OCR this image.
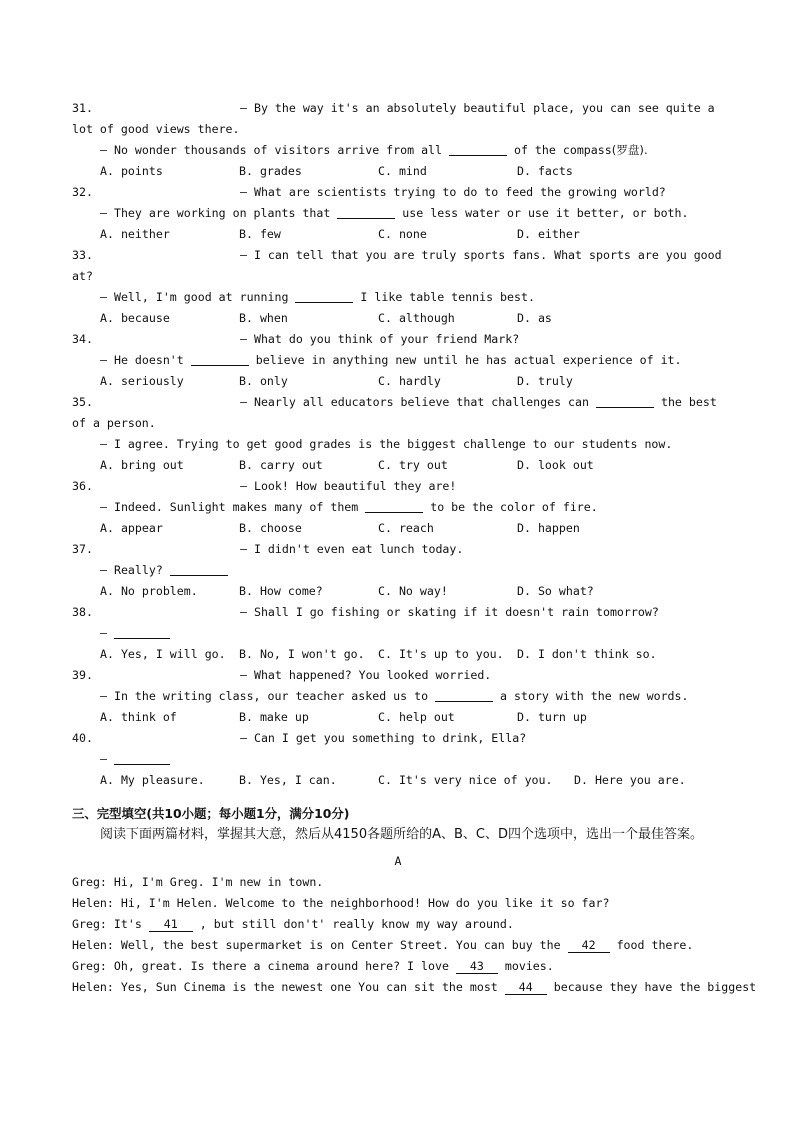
31.	— By the way it's an absolutely beautiful place, you can see quite a
lot of good views there.
— No wonder thousands of visitors arrive from all	of the compass(罗盘).
A. points	B. grades	C. mind	D. facts
32.	— What are scientists trying to do to feed the growing world?
— They are working on plants that	use less water or use it better, or both.
A. neither	B. few	C. none	D. either
33.	— I can tell that you are truly sports fans. What sports are you good
at?
— Well, I'm good at running	I like table tennis best.
A. because	B. when	C. although	D. as
34.	— What do you think of your friend Mark?
— He doesn't	believe in anything new until he has actual experience of it.
A. seriously	B. only	C. hardly	D. truly
35.	— Nearly all educators believe that challenges can	the best
of a person.
— I agree. Trying to get good grades is the biggest challenge to our students now.
A. bring out	B. carry out	C. try out	D. look out
36.	— Look! How beautiful they are!
— Indeed. Sunlight makes many of them	to be the color of fire.
A. appear	B. choose	C. reach	D. happen
37.	— I didn't even eat lunch today.
— Really?
A. No problem.	B. How come?	C. No way!	D. So what?
38.	— Shall I go fishing or skating if it doesn't rain tomorrow?
—
A. Yes, I will go. B. No, I won't go. C. It's up to you. D. I don't think so.
39.	— What happened? You looked worried.
— In the writing class, our teacher asked us to	a story with the new words.
A. think of	B. make up	C. help out	D. turn up
40.	— Can I get you something to drink, Ella?
—
A. My pleasure.	B. Yes, I can.	C. It's very nice of you. D. Here you are.
三、完型填空(共10小题；每小题1分，满分10分)
阅读下面两篇材料，掌握其大意，然后从4150各题所给的A、B、C、D四个选项中，选出一个最佳答案。
A
Greg: Hi, I'm Greg. I'm new in town.
Helen: Hi, I'm Helen. Welcome to the neighborhood! How do you like it so far?
Greg: It's 41 , but still don't' really know my way around.
Helen: Well, the best supermarket is on Center Street. You can buy the 42 food there.
Greg: Oh, great. Is there a cinema around here? I love 43 movies.
Helen: Yes, Sun Cinema is the newest one You can sit the most 44 because they have the biggest
